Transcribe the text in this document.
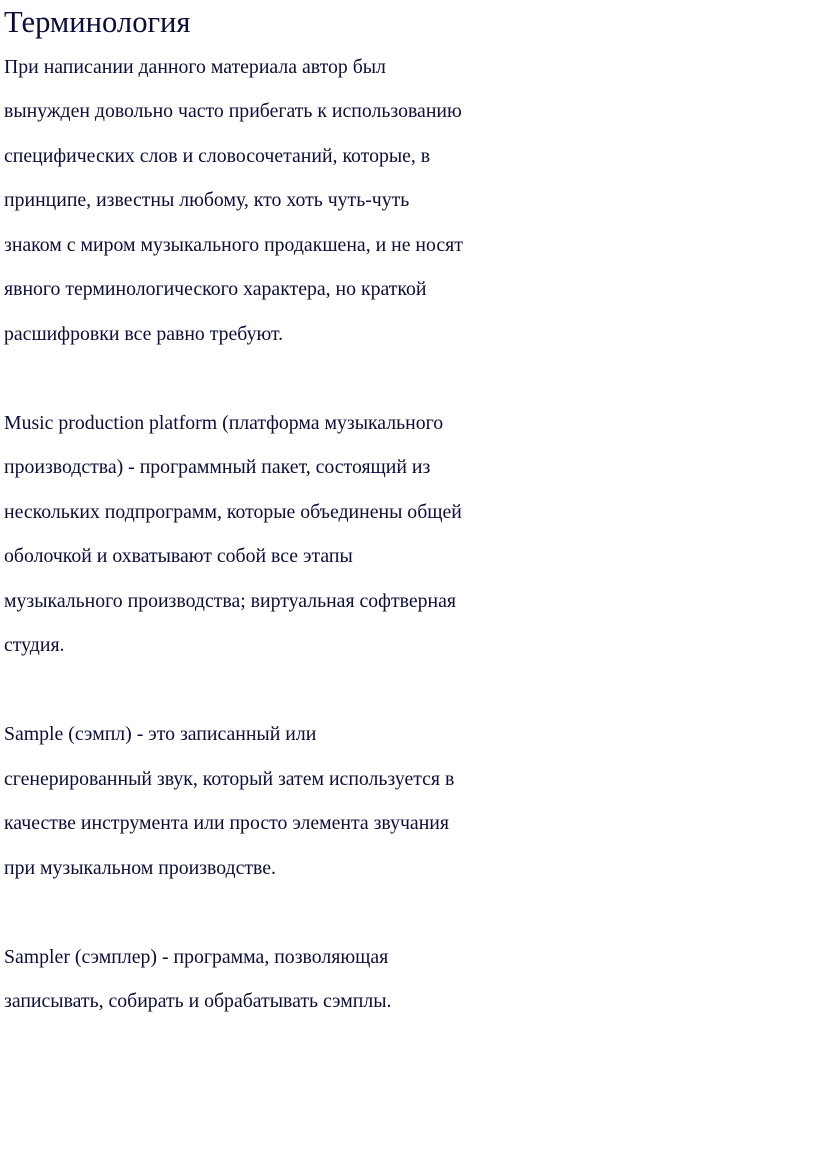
Терминология

При написании данного материала автор был
вынужден довольно часто прибегать к использованию
специфических слов и словосочетаний, которые, в
принципе, известны любому, кто хоть чуть-чуть
знаком с миром музыкального продакшена, и не носят
явного терминологического характера, но краткой
расшифровки все равно требуют.

Music production platform (платформа музыкального
производства) - программный пакет, состоящий из
нескольких подпрограмм, которые объединены общей
оболочкой и охватывают собой все этапы
музыкального производства; виртуальная софтверная
студия.

Sample (сэмпл) - это записанный или
сгенерированный звук, который затем используется в
качестве инструмента или просто элемента звучания
при музыкальном производстве.

Sampler (сэмплер) - программа, позволяющая
записывать, собирать и обрабатывать сэмплы.
